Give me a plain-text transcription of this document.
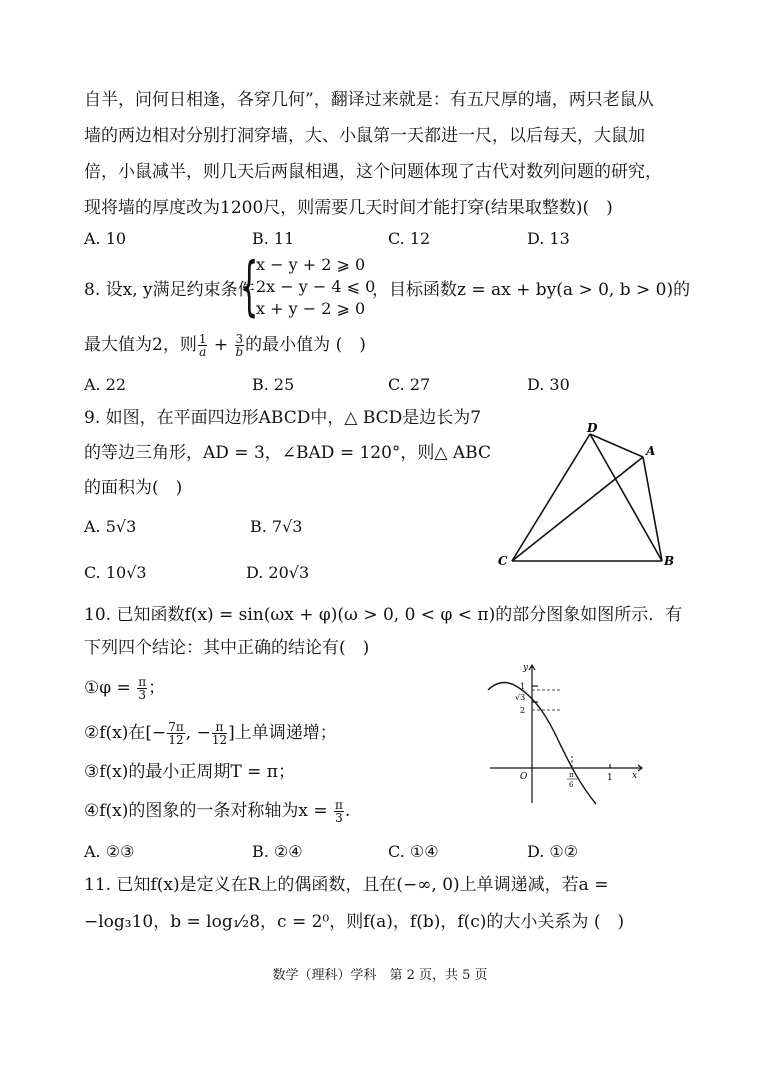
自半，问何日相逢，各穿几何”，翻译过来就是：有五尺厚的墙，两只老鼠从
墙的两边相对分别打洞穿墙，大、小鼠第一天都进一尺，以后每天，大鼠加
倍，小鼠减半，则几天后两鼠相遇，这个问题体现了古代对数列问题的研究，
现将墙的厚度改为1200尺，则需要几天时间才能打穿(结果取整数)(　)
A. 10	B. 11	C. 12	D. 13
8. 设x, y满足约束条件
{
x − y + 2 ⩾ 0
2x − y − 4 ⩽ 0
x + y − 2 ⩾ 0
，目标函数z = ax + by(a > 0, b > 0)的
最大值为2，则 $\frac{1}{a} + \frac{3}{b}$ 的最小值为 (　)
A. 22	B. 25	C. 27	D. 30
9. 如图，在平面四边形ABCD中，△ BCD是边长为7
的等边三角形，AD = 3，∠BAD = 120°，则△ ABC
的面积为(　)
A. 5√3	B. 7√3
C. 10√3	D. 20√3
D
A
C	B
10. 已知函数f(x) = sin(ωx + φ)(ω > 0, 0 < φ < π)的部分图象如图所示．有
下列四个结论：其中正确的结论有(　)
①φ = $\frac{\pi}{3}$ ；
②f(x)在[− $\frac{7\pi}{12}$ , − $\frac{\pi}{12}$ ]上单调递增；
③f(x)的最小正周期T = π；
④f(x)的图象的一条对称轴为$x = \frac{\pi}{3}$ .
A. ②③	B. ②④	C. ①④	D. ①②
y
x
O
1
√3
2
π
6
1
11. 已知f(x)是定义在R上的偶函数，且在(−∞, 0)上单调递减，若a =
−log₃10，b = log₁⁄₂8，c = 2⁰，则f(a)，f(b)，f(c)的大小关系为 (　)
数学（理科）学科　第 2 页，共 5 页
